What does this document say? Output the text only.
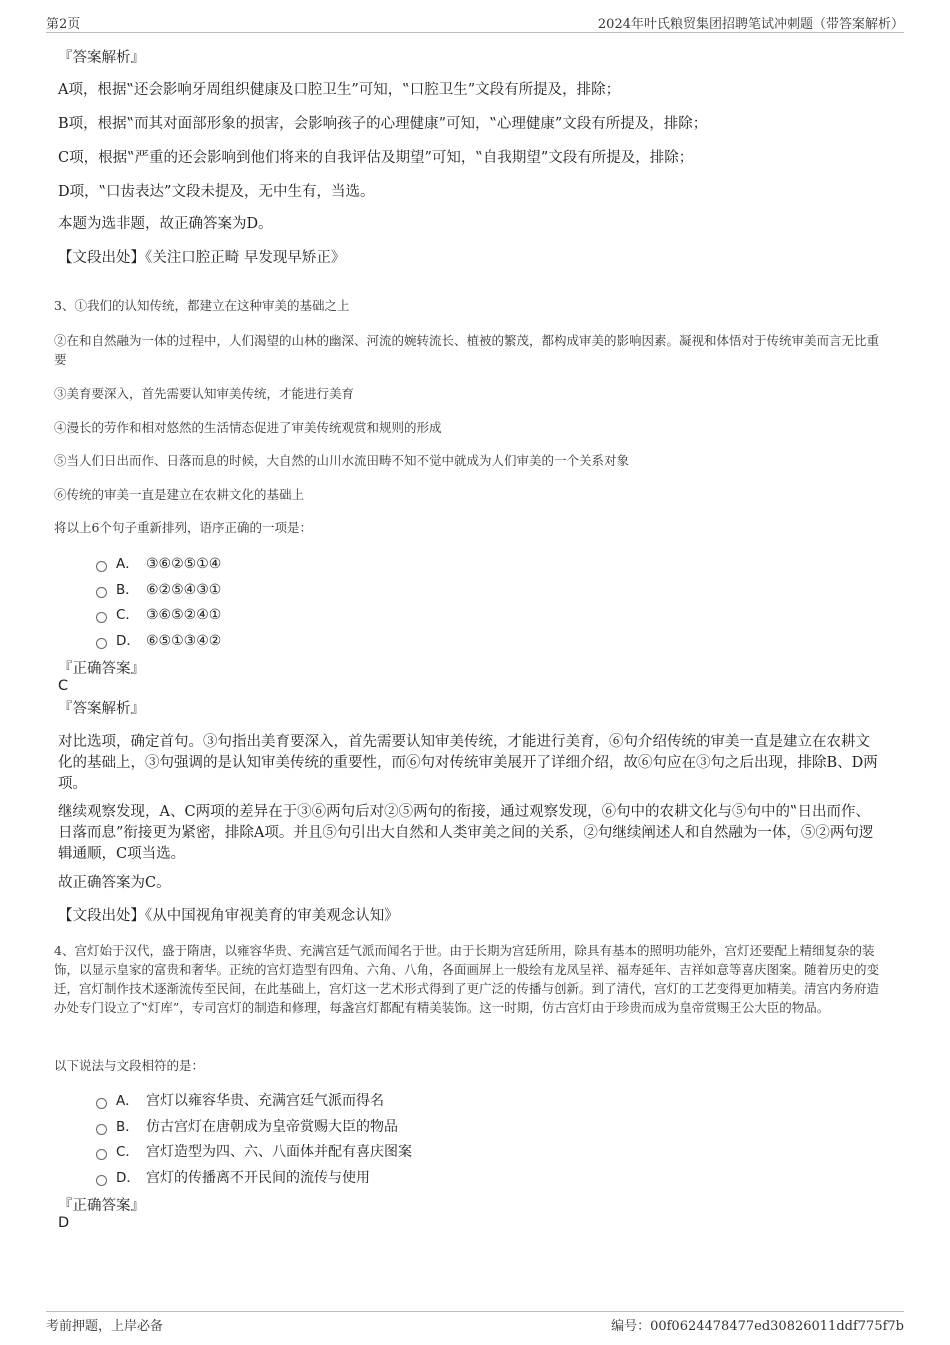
第2页	2024年叶氏粮贸集团招聘笔试冲刺题（带答案解析）
『答案解析』
A项，根据‟还会影响牙周组织健康及口腔卫生”可知，‟口腔卫生”文段有所提及，排除；
B项，根据‟而其对面部形象的损害，会影响孩子的心理健康”可知，‟心理健康”文段有所提及，排除；
C项，根据‟严重的还会影响到他们将来的自我评估及期望”可知，‟自我期望”文段有所提及，排除；
D项，‟口齿表达”文段未提及，无中生有，当选。
本题为选非题，故正确答案为D。
【文段出处】《关注口腔正畸 早发现早矫正》
3、①我们的认知传统，都建立在这种审美的基础之上
②在和自然融为一体的过程中，人们渴望的山林的幽深、河流的婉转流长、植被的繁茂，都构成审美的影响因素。凝视和体悟对于传统审美而言无比重要
③美育要深入，首先需要认知审美传统，才能进行美育
④漫长的劳作和相对悠然的生活情态促进了审美传统观赏和规则的形成
⑤当人们日出而作、日落而息的时候，大自然的山川水流田畴不知不觉中就成为人们审美的一个关系对象
⑥传统的审美一直是建立在农耕文化的基础上
将以上6个句子重新排列，语序正确的一项是：
A． ③⑥②⑤①④
B． ⑥②⑤④③①
C． ③⑥⑤②④①
D． ⑥⑤①③④②
『正确答案』
C
『答案解析』
对比选项，确定首句。③句指出美育要深入，首先需要认知审美传统，才能进行美育，⑥句介绍传统的审美一直是建立在农耕文化的基础上，③句强调的是认知审美传统的重要性，而⑥句对传统审美展开了详细介绍，故⑥句应在③句之后出现，排除B、D两项。
继续观察发现，A、C两项的差异在于③⑥两句后对②⑤两句的衔接，通过观察发现，⑥句中的农耕文化与⑤句中的‟日出而作、日落而息”衔接更为紧密，排除A项。并且⑤句引出大自然和人类审美之间的关系，②句继续阐述人和自然融为一体，⑤②两句逻辑通顺，C项当选。
故正确答案为C。
【文段出处】《从中国视角审视美育的审美观念认知》
4、宫灯始于汉代，盛于隋唐，以雍容华贵、充满宫廷气派而闻名于世。由于长期为宫廷所用，除具有基本的照明功能外，宫灯还要配上精细复杂的装饰，以显示皇家的富贵和奢华。正统的宫灯造型有四角、六角、八角，各面画屏上一般绘有龙凤呈祥、福寿延年、吉祥如意等喜庆图案。随着历史的变迁，宫灯制作技术逐渐流传至民间，在此基础上，宫灯这一艺术形式得到了更广泛的传播与创新。到了清代，宫灯的工艺变得更加精美。清宫内务府造办处专门设立了‟灯库”，专司宫灯的制造和修理，每盏宫灯都配有精美装饰。这一时期，仿古宫灯由于珍贵而成为皇帝赏赐王公大臣的物品。
以下说法与文段相符的是：
A． 宫灯以雍容华贵、充满宫廷气派而得名
B． 仿古宫灯在唐朝成为皇帝赏赐大臣的物品
C． 宫灯造型为四、六、八面体并配有喜庆图案
D． 宫灯的传播离不开民间的流传与使用
『正确答案』
D
考前押题，上岸必备	编号：00f0624478477ed30826011ddf775f7b
